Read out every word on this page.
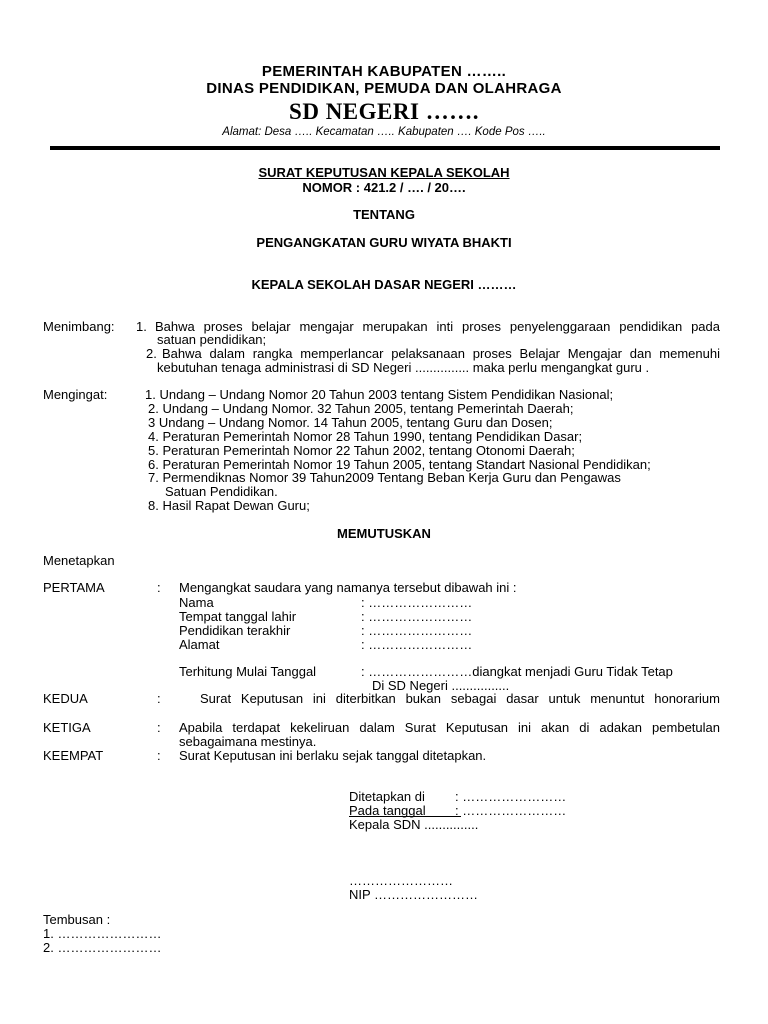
PEMERINTAH KABUPATEN ……..
DINAS PENDIDIKAN, PEMUDA DAN OLAHRAGA
SD NEGERI …….
Alamat: Desa ….. Kecamatan ….. Kabupaten …. Kode Pos …..
SURAT KEPUTUSAN KEPALA SEKOLAH
NOMOR : 421.2 / …. / 20….
TENTANG
PENGANGKATAN GURU WIYATA BHAKTI
KEPALA SEKOLAH DASAR NEGERI ………
Menimbang: 1. Bahwa proses belajar mengajar merupakan inti proses penyelenggaraan pendidikan pada
satuan pendidikan;
2. Bahwa dalam rangka memperlancar pelaksanaan proses Belajar Mengajar dan memenuhi
kebutuhan tenaga administrasi di SD Negeri ............... maka perlu mengangkat guru .
Mengingat:	1. Undang – Undang Nomor 20 Tahun 2003 tentang Sistem Pendidikan Nasional;
2. Undang – Undang Nomor. 32 Tahun 2005, tentang Pemerintah Daerah;
3 Undang – Undang Nomor. 14 Tahun 2005, tentang Guru dan Dosen;
4. Peraturan Pemerintah Nomor 28 Tahun 1990, tentang Pendidikan Dasar;
5. Peraturan Pemerintah Nomor 22 Tahun 2002, tentang Otonomi Daerah;
6. Peraturan Pemerintah Nomor 19 Tahun 2005, tentang Standart Nasional Pendidikan;
7. Permendiknas Nomor 39 Tahun2009 Tentang Beban Kerja Guru dan Pengawas
Satuan Pendidikan.
8. Hasil Rapat Dewan Guru;
MEMUTUSKAN
Menetapkan
PERTAMA	: Mengangkat saudara yang namanya tersebut dibawah ini :
Nama	: ……………………
Tempat tanggal lahir	: ……………………
Pendidikan terakhir	: ……………………
Alamat	: ……………………
Terhitung Mulai Tanggal	: ……………………diangkat menjadi Guru Tidak Tetap
Di SD Negeri ................
KEDUA	:	Surat Keputusan ini diterbitkan bukan sebagai dasar untuk menuntut honorarium
KETIGA	: Apabila terdapat kekeliruan dalam Surat Keputusan ini akan di adakan pembetulan
sebagaimana mestinya.
KEEMPAT	: Surat Keputusan ini berlaku sejak tanggal ditetapkan.
Ditetapkan di : ……………………
Pada tanggal : ……………………
Kepala SDN ...............
……………………
NIP ……………………
Tembusan :
1. ……………………
2. ……………………
